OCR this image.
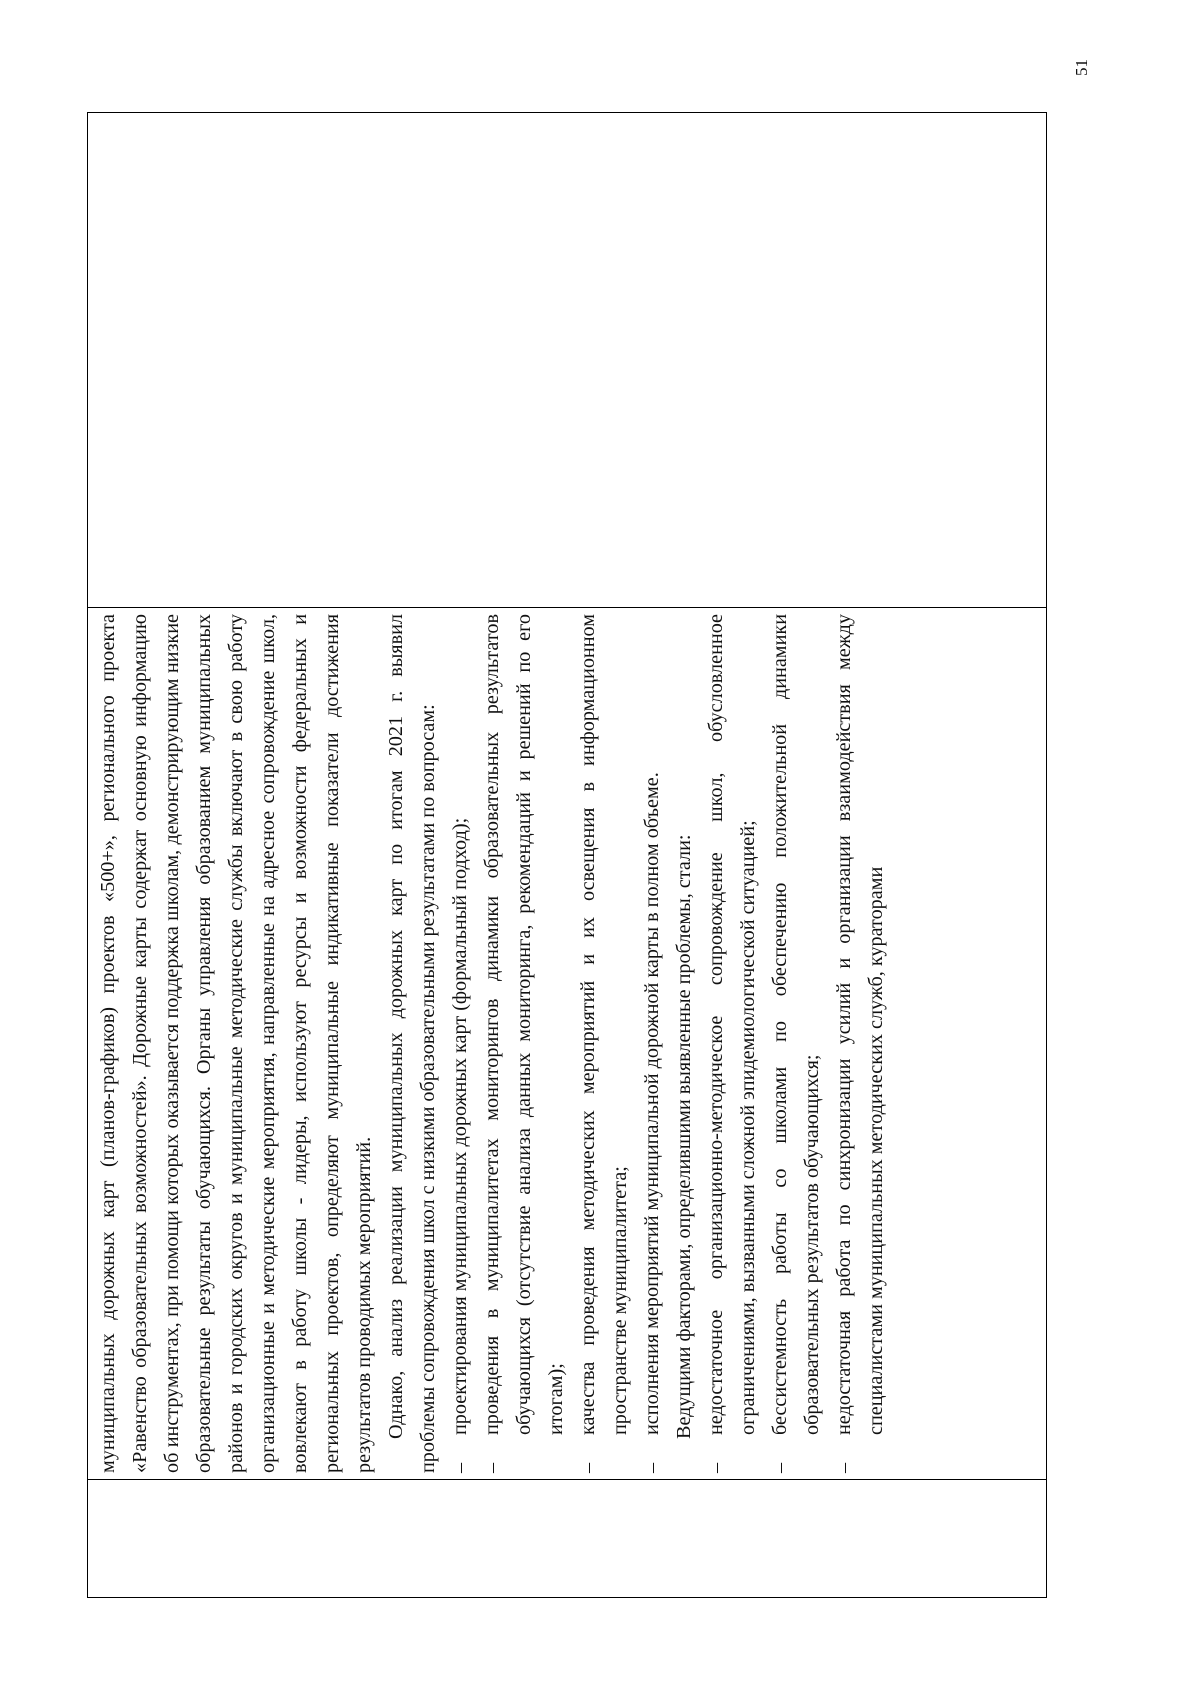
51

муниципальных дорожных карт (планов-графиков) проектов «500+», регионального проекта «Равенство образовательных возможностей». Дорожные карты содержат основную информацию об инструментах, при помощи которых оказывается поддержка школам, демонстрирующим низкие образовательные результаты обучающихся. Органы управления образованием муниципальных районов и городских округов и муниципальные методические службы включают в свою работу организационные и методические мероприятия, направленные на адресное сопровождение школ, вовлекают в работу школы - лидеры, используют ресурсы и возможности федеральных и региональных проектов, определяют муниципальные индикативные показатели достижения результатов проводимых мероприятий. Однако, анализ реализации муниципальных дорожных карт по итогам 2021 г. выявил проблемы сопровождения школ с низкими образовательными результатами по вопросам: –
проектирования муниципальных дорожных карт (формальный подход);
–
проведения в муниципалитетах мониторингов динамики образовательных результатов обучающихся (отсутствие анализа данных мониторинга, рекомендаций и решений по его итогам);
–
качества проведения методических мероприятий и их освещения в информационном пространстве муниципалитета;
–
исполнения мероприятий муниципальной дорожной карты в полном объеме. Ведущими факторами, определившими выявленные проблемы, стали:

–
недостаточное организационно-методическое сопровождение школ, обусловленное ограничениями, вызванными сложной эпидемиологической ситуацией;
–
бессистемность работы со школами по обеспечению положительной динамики образовательных результатов обучающихся;
–
недостаточная работа по синхронизации усилий и организации взаимодействия между специалистами муниципальных методических служб, кураторами
